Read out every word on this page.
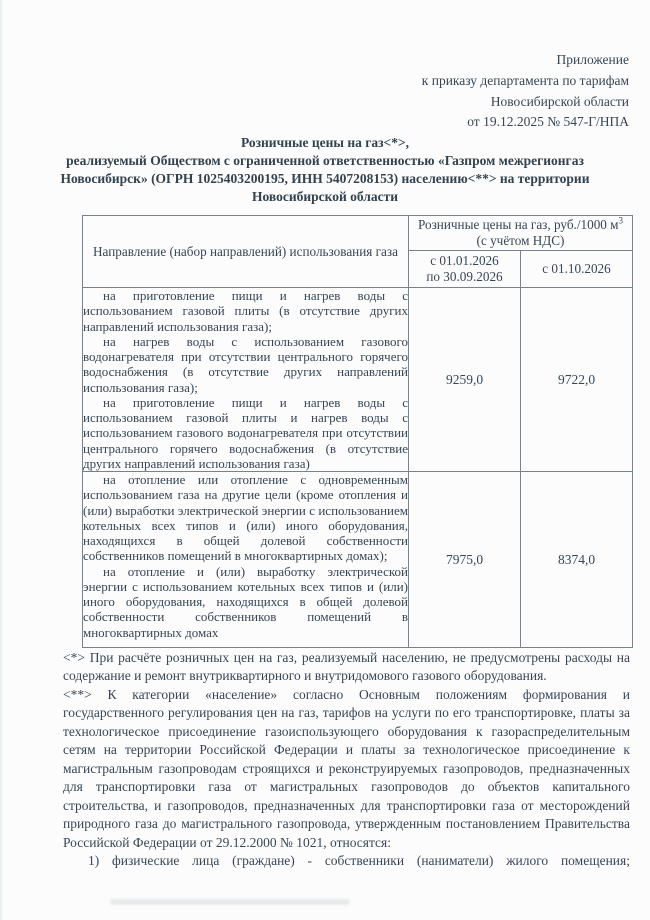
Приложение
к приказу департамента по тарифам
Новосибирской области
от 19.12.2025 № 547-Г/НПА
Розничные цены на газ<*>,
реализуемый Обществом с ограниченной ответственностью «Газпром межрегионгаз
Новосибирск» (ОГРН 1025403200195, ИНН 5407208153) населению<**> на территории
Новосибирской области
Направление (набор направлений) использования газа	Розничные цены на газ, руб./1000 $м^3$
(с учётом НДС)	
	с 01.01.2026
по 30.09.2026	с 01.10.2026

на приготовление пищи и нагрев воды с использованием газовой плиты (в отсутствие других направлений использования газа);

на нагрев воды с использованием газового водонагревателя при отсутствии центрального горячего водоснабжения (в отсутствие других направлений использования газа);

на приготовление пищи и нагрев воды с использованием газовой плиты и нагрев воды с использованием газового водонагревателя при отсутствии центрального горячего водоснабжения (в отсутствие других направлений использования газа)	9259,0	9722,0

на отопление или отопление с одновременным использованием газа на другие цели (кроме отопления и (или) выработки электрической энергии с использованием котельных всех типов и (или) иного оборудования, находящихся в общей долевой собственности собственников помещений в многоквартирных домах);

на отопление и (или) выработку электрической энергии с использованием котельных всех типов и (или) иного оборудования, находящихся в общей долевой собственности собственников помещений в многоквартирных домах	7975,0	8374,0

<*> При расчёте розничных цен на газ, реализуемый населению, не предусмотрены расходы на содержание и ремонт внутриквартирного и внутридомового газового оборудования.

<**> К категории «население» согласно Основным положениям формирования и государственного регулирования цен на газ, тарифов на услуги по его транспортировке, платы за технологическое присоединение газоиспользующего оборудования к газораспределительным сетям на территории Российской Федерации и платы за технологическое присоединение к магистральным газопроводам строящихся и реконструируемых газопроводов, предназначенных для транспортировки газа от магистральных газопроводов до объектов капитального строительства, и газопроводов, предназначенных для транспортировки газа от месторождений природного газа до магистрального газопровода, утвержденным постановлением Правительства Российской Федерации от 29.12.2000 № 1021, относятся:

1) физические лица (граждане) - собственники (наниматели) жилого помещения;
